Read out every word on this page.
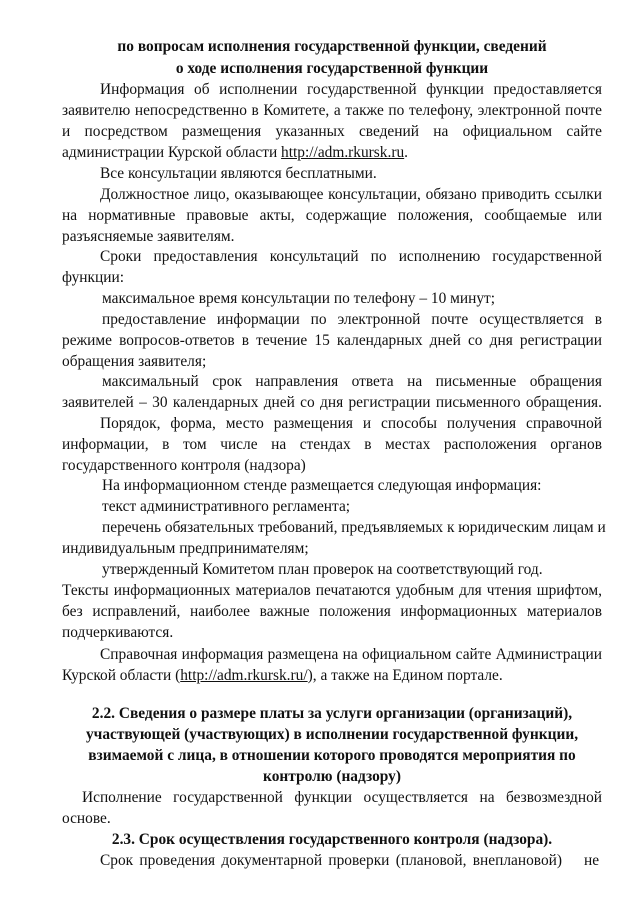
по вопросам исполнения государственной функции, сведений
о ходе исполнения государственной функции
Информация об исполнении государственной функции предоставляется
заявителю непосредственно в Комитете, а также по телефону, электронной почте
и посредством размещения указанных сведений на официальном сайте
администрации Курской области http://adm.rkursk.ru.
Все консультации являются бесплатными.
Должностное лицо, оказывающее консультации, обязано приводить ссылки
на нормативные правовые акты, содержащие положения, сообщаемые или
разъясняемые заявителям.
Сроки предоставления консультаций по исполнению государственной
функции:
максимальное время консультации по телефону – 10 минут;
предоставление информации по электронной почте осуществляется в
режиме вопросов-ответов в течение 15 календарных дней со дня регистрации
обращения заявителя;
максимальный срок направления ответа на письменные обращения
заявителей – 30 календарных дней со дня регистрации письменного обращения.
Порядок, форма, место размещения и способы получения справочной
информации, в том числе на стендах в местах расположения органов
государственного контроля (надзора)
На информационном стенде размещается следующая информация:
текст административного регламента;
перечень обязательных требований, предъявляемых к юридическим лицам и
индивидуальным предпринимателям;
утвержденный Комитетом план проверок на соответствующий год.
Тексты информационных материалов печатаются удобным для чтения шрифтом,
без исправлений, наиболее важные положения информационных материалов
подчеркиваются.
Справочная информация размещена на официальном сайте Администрации
Курской области (http://adm.rkursk.ru/), а также на Едином портале.
2.2. Сведения о размере платы за услуги организации (организаций),
участвующей (участвующих) в исполнении государственной функции,
взимаемой с лица, в отношении которого проводятся мероприятия по
контролю (надзору)
Исполнение государственной функции осуществляется на безвозмездной
основе.
2.3. Срок осуществления государственного контроля (надзора).
Срок проведения документарной проверки (плановой, внеплановой) не
